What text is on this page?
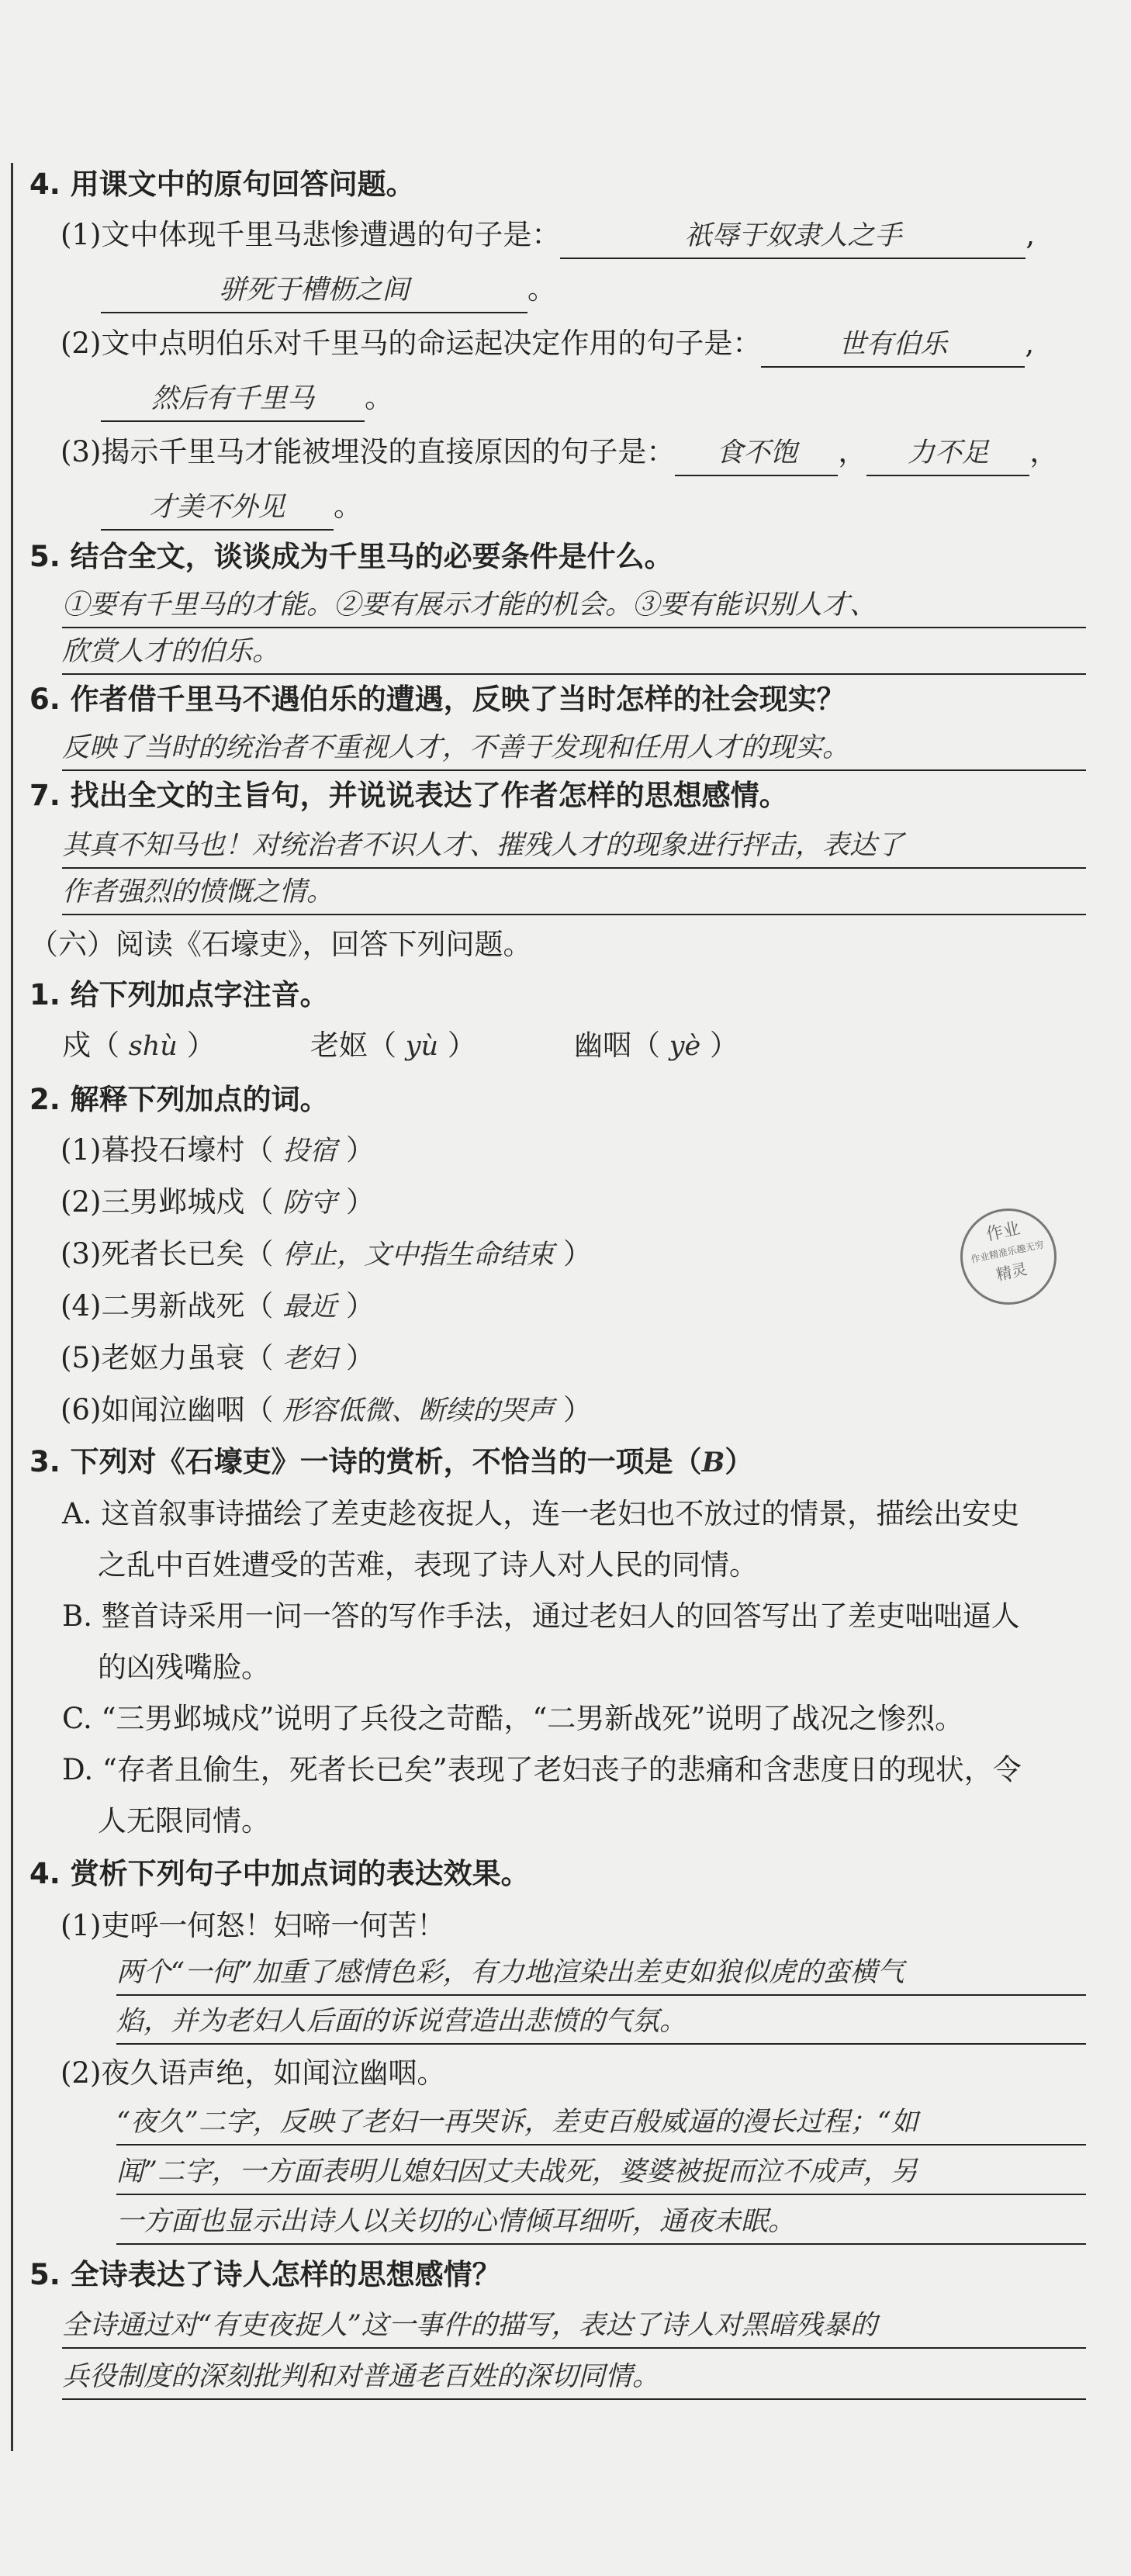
4. 用课文中的原句回答问题。
(1)文中体现千里马悲惨遭遇的句子是：	祇辱于奴隶人之手	,
骈死于槽枥之间	。
(2)文中点明伯乐对千里马的命运起决定作用的句子是：	世有伯乐	,
然后有千里马 。
(3)揭示千里马才能被埋没的直接原因的句子是： 食不饱 ， 力不足 ，
才美不外见 。
5. 结合全文，谈谈成为千里马的必要条件是什么。
①要有千里马的才能。②要有展示才能的机会。③要有能识别人才、
欣赏人才的伯乐。
6. 作者借千里马不遇伯乐的遭遇，反映了当时怎样的社会现实？
反映了当时的统治者不重视人才，不善于发现和任用人才的现实。
7. 找出全文的主旨句，并说说表达了作者怎样的思想感情。
其真不知马也！对统治者不识人才、摧残人才的现象进行抨击，表达了
作者强烈的愤慨之情。
（六）阅读《石壕吏》，回答下列问题。
1. 给下列加点字注音。
戍（ shù ）	老妪（ yù ）	幽咽（ yè ）
2. 解释下列加点的词。
(1)暮投石壕村（ 投宿 ）
(2)三男邺城戍（ 防守 ）
(3)死者长已矣（ 停止，文中指生命结束 ）
(4)二男新战死（ 最近 ）
(5)老妪力虽衰（ 老妇 ）
(6)如闻泣幽咽（ 形容低微、断续的哭声 ）
作业
作业精准乐趣无穷
精灵
3. 下列对《石壕吏》一诗的赏析，不恰当的一项是（B）
A. 这首叙事诗描绘了差吏趁夜捉人，连一老妇也不放过的情景，描绘出安史
之乱中百姓遭受的苦难，表现了诗人对人民的同情。
B. 整首诗采用一问一答的写作手法，通过老妇人的回答写出了差吏咄咄逼人
的凶残嘴脸。
C. “三男邺城戍”说明了兵役之苛酷，“二男新战死”说明了战况之惨烈。
D. “存者且偷生，死者长已矣”表现了老妇丧子的悲痛和含悲度日的现状，令
人无限同情。
4. 赏析下列句子中加点词的表达效果。
(1)吏呼一何怒！妇啼一何苦！
两个“一何”加重了感情色彩，有力地渲染出差吏如狼似虎的蛮横气
焰，并为老妇人后面的诉说营造出悲愤的气氛。
(2)夜久语声绝，如闻泣幽咽。
“夜久”二字，反映了老妇一再哭诉，差吏百般威逼的漫长过程；“如
闻”二字，一方面表明儿媳妇因丈夫战死，婆婆被捉而泣不成声，另
一方面也显示出诗人以关切的心情倾耳细听，通夜未眠。
5. 全诗表达了诗人怎样的思想感情？
全诗通过对“有吏夜捉人”这一事件的描写，表达了诗人对黑暗残暴的
兵役制度的深刻批判和对普通老百姓的深切同情。
